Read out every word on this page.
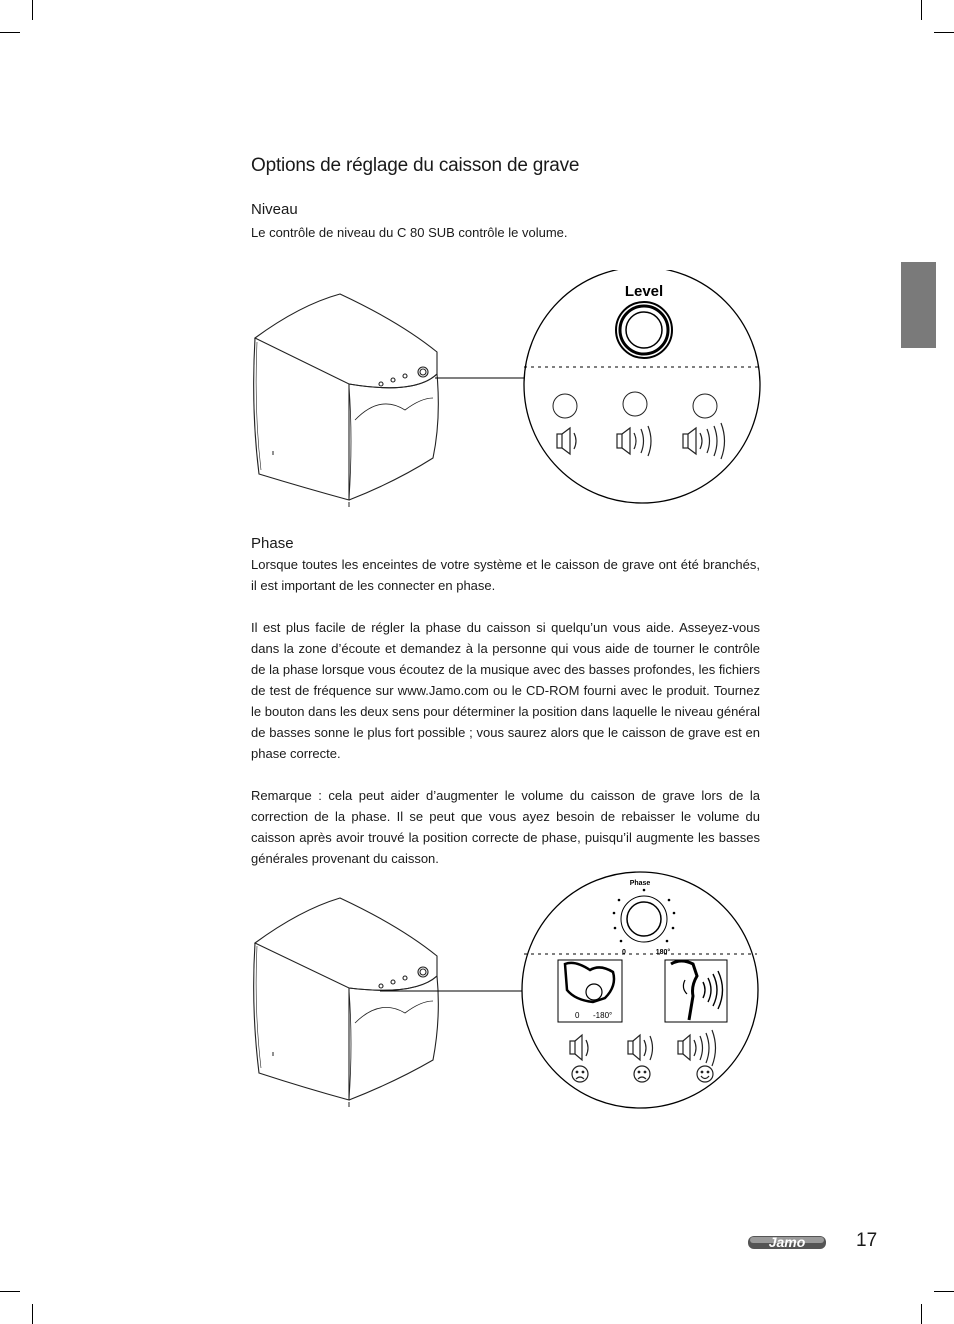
Options de réglage du caisson de grave
Niveau

Le contrôle de niveau du C 80 SUB contrôle le volume.

Level
Phase

Lorsque toutes les enceintes de votre système et le caisson de grave ont été branchés, il est important de les connecter en phase.

Il est plus facile de régler la phase du caisson si quelqu’un vous aide. Asseyez-vous dans la zone d’écoute et demandez à la personne qui vous aide de tourner le contrôle de la phase lorsque vous écoutez de la musique avec des basses profondes, les fichiers de test de fréquence sur www.Jamo.com ou le CD-ROM fourni avec le produit. Tournez le bouton dans les deux sens pour déterminer la position dans laquelle le niveau général de basses sonne le plus fort possible ; vous saurez alors que le caisson de grave est en phase correcte.

Remarque : cela peut aider d’augmenter le volume du caisson de grave lors de la correction de la phase. Il se peut que vous ayez besoin de rebaisser le volume du caisson après avoir trouvé la position correcte de phase, puisqu’il augmente les basses générales provenant du caisson.

Phase
0	180°
0 -180°
Jamo	17
